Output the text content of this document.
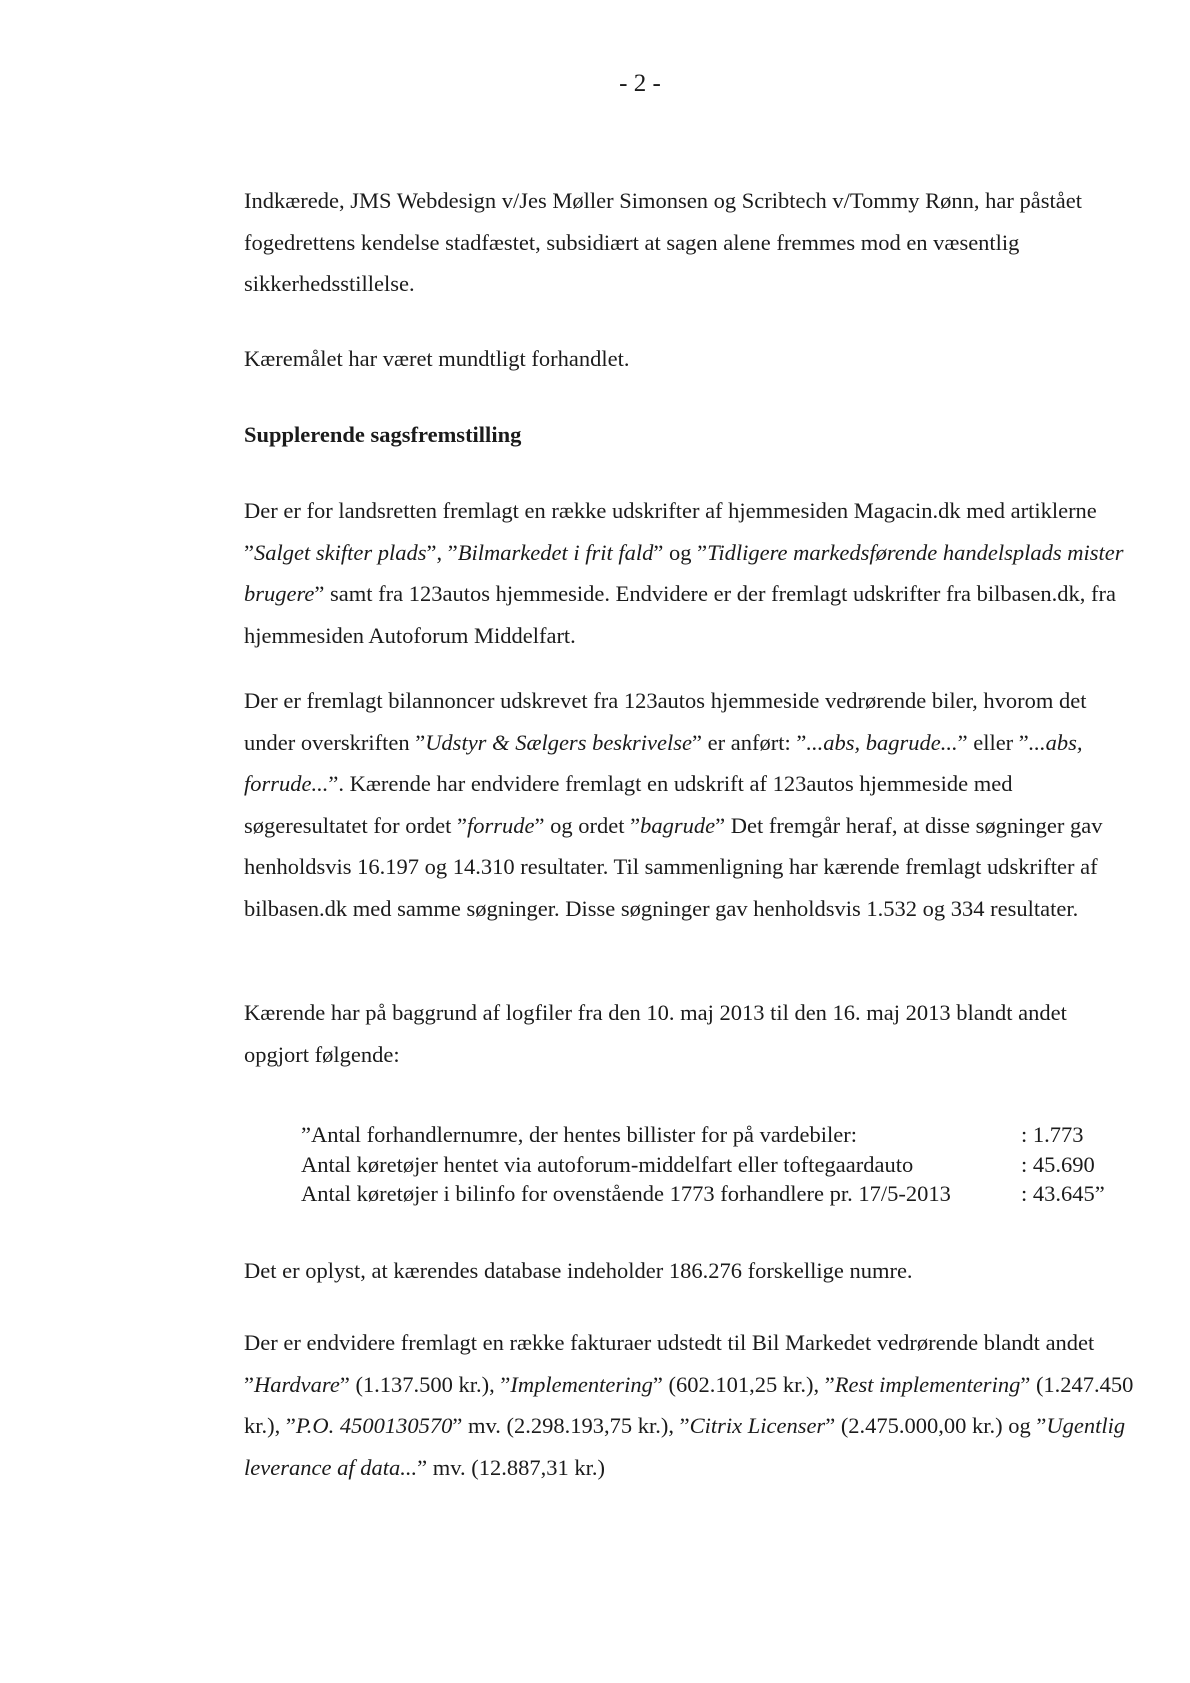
- 2 -

Indkærede, JMS Webdesign v/Jes Møller Simonsen og Scribtech v/Tommy Rønn, har påstået fogedrettens kendelse stadfæstet, subsidiært at sagen alene fremmes mod en væsentlig sikkerhedsstillelse.

Kæremålet har været mundtligt forhandlet.

Supplerende sagsfremstilling

Der er for landsretten fremlagt en række udskrifter af hjemmesiden Magacin.dk med artiklerne ”Salget skifter plads”, ”Bilmarkedet i frit fald” og ”Tidligere markedsførende handelsplads mister brugere” samt fra 123autos hjemmeside. Endvidere er der fremlagt udskrifter fra bilbasen.dk, fra hjemmesiden Autoforum Middelfart.

Der er fremlagt bilannoncer udskrevet fra 123autos hjemmeside vedrørende biler, hvorom det under overskriften ”Udstyr & Sælgers beskrivelse” er anført: ”...abs, bagrude...” eller ”...abs, forrude...”. Kærende har endvidere fremlagt en udskrift af 123autos hjemmeside med søgeresultatet for ordet ”forrude” og ordet ”bagrude” Det fremgår heraf, at disse søgninger gav henholdsvis 16.197 og 14.310 resultater. Til sammenligning har kærende fremlagt udskrifter af bilbasen.dk med samme søgninger. Disse søgninger gav henholdsvis 1.532 og 334 resultater.

Kærende har på baggrund af logfiler fra den 10. maj 2013 til den 16. maj 2013 blandt andet opgjort følgende:

”Antal forhandlernumre, der hentes billister for på vardebiler:	: 1.773
Antal køretøjer hentet via autoforum-middelfart eller toftegaardauto	: 45.690
Antal køretøjer i bilinfo for ovenstående 1773 forhandlere pr. 17/5-2013	: 43.645”

Det er oplyst, at kærendes database indeholder 186.276 forskellige numre.

Der er endvidere fremlagt en række fakturaer udstedt til Bil Markedet vedrørende blandt andet ”Hardvare” (1.137.500 kr.), ”Implementering” (602.101,25 kr.), ”Rest implementering” (1.247.450 kr.), ”P.O. 4500130570” mv. (2.298.193,75 kr.), ”Citrix Licenser” (2.475.000,00 kr.) og ”Ugentlig leverance af data...” mv. (12.887,31 kr.)
